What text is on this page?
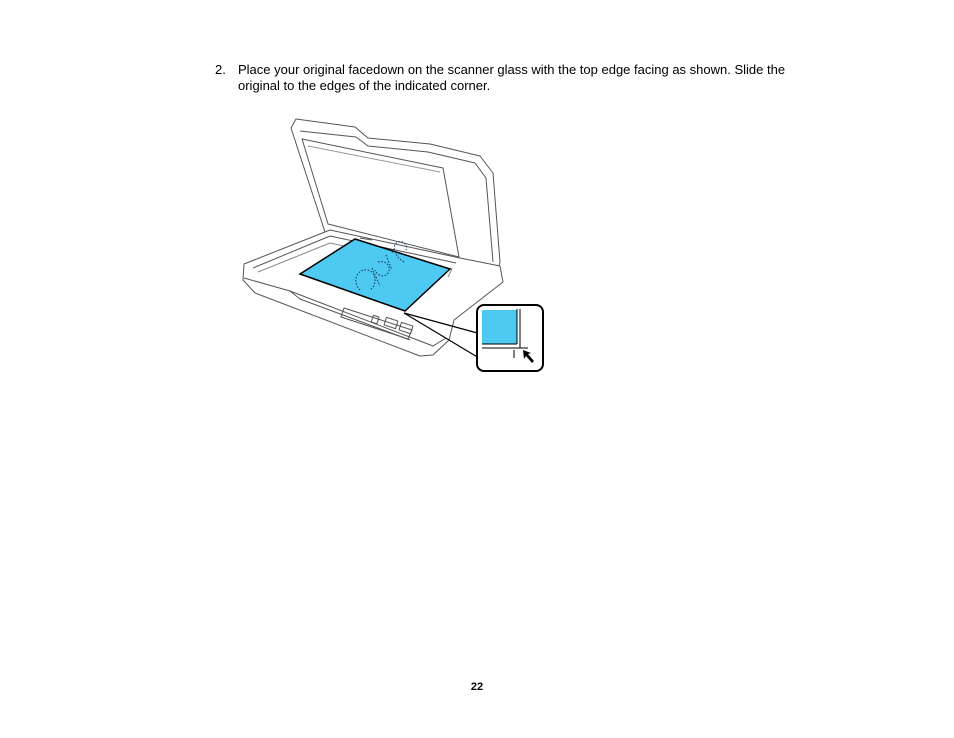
2. Place your original facedown on the scanner glass with the top edge facing as shown. Slide the original to the edges of the indicated corner.
22
